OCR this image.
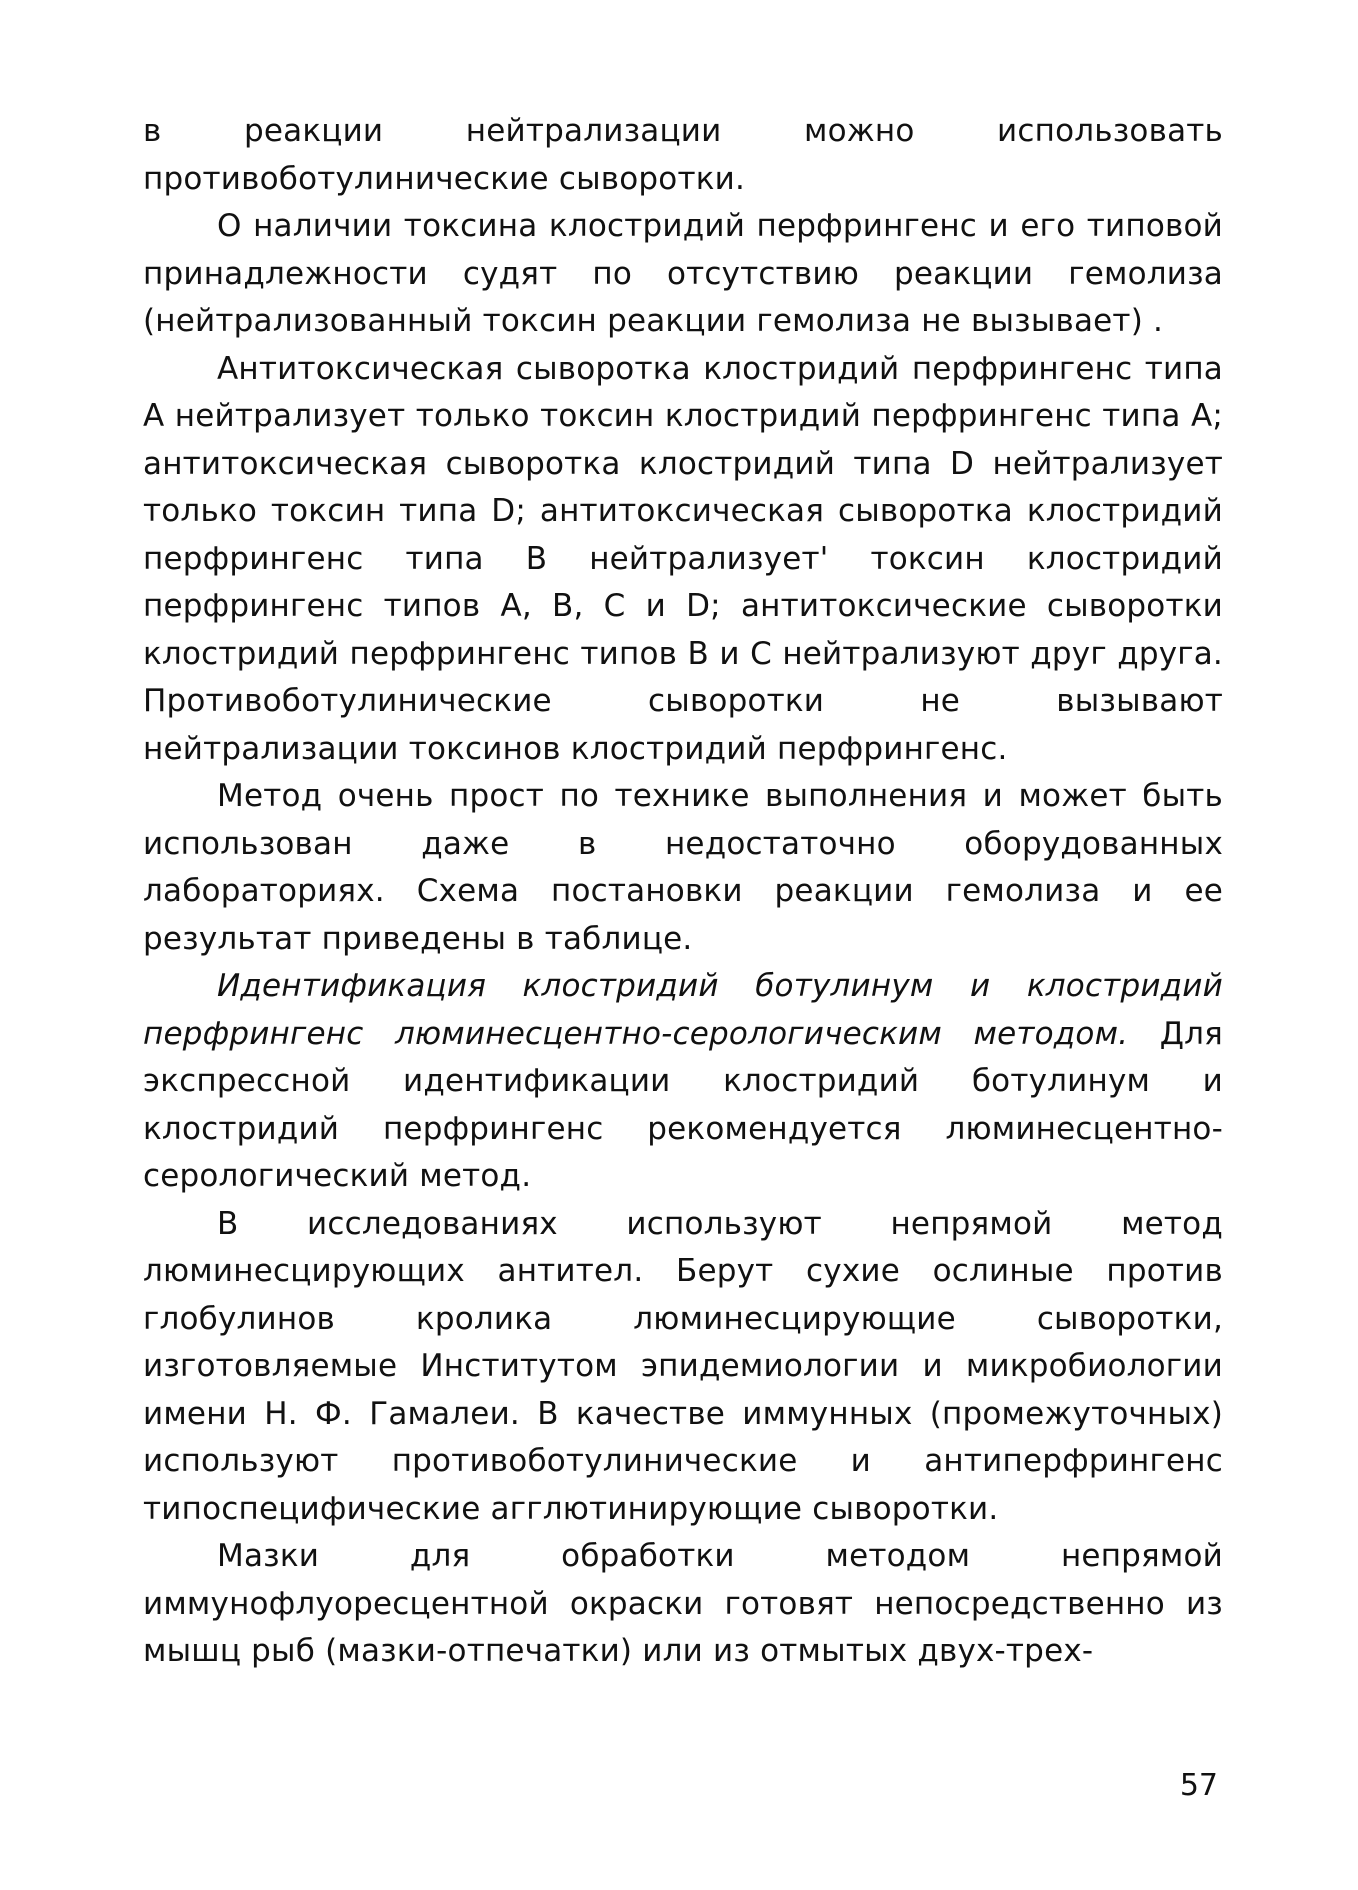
в реакции нейтрализации можно использовать противоботулинические сыворотки.

О наличии токсина клостридий перфрингенс и его типовой принадлежности судят по отсутствию реакции гемолиза (нейтрализованный токсин реакции гемолиза не вызывает) .

Антитоксическая сыворотка клостридий перфрингенс типа А нейтрализует только токсин клостридий перфрингенс типа А; антитоксическая сыворотка клостридий типа D нейтрализует только токсин типа D; антитоксическая сыворотка клостридий перфрингенс типа В нейтрализует' токсин клостридий перфрингенс типов А, В, С и D; антитоксические сыворотки клостридий перфрингенс типов В и С нейтрализуют друг друга. Противоботулинические сыворотки не вызывают нейтрализации токсинов клостридий перфрингенс.

Метод очень прост по технике выполнения и может быть использован даже в недостаточно оборудованных лабораториях. Схема постановки реакции гемолиза и ее результат приведены в таблице.

Идентификация клостридий ботулинум и клостридий перфрингенс люминесцентно-серологическим методом. Для экспрессной идентификации клостридий ботулинум и клостридий перфрингенс рекомендуется люминесцентно-серологический метод.

В исследованиях используют непрямой метод люминесцирующих антител. Берут сухие ослиные против глобулинов кролика люминесцирующие сыворотки, изготовляемые Институтом эпидемиологии и микробиологии имени Н. Ф. Гамалеи. В качестве иммунных (промежуточных) используют противоботулинические и антиперфрингенс типоспецифические агглютинирующие сыворотки.

Мазки для обработки методом непрямой иммунофлуоресцентной окраски готовят непосредственно из мышц рыб (мазки-отпечатки) или из отмытых двух-трех-

57
